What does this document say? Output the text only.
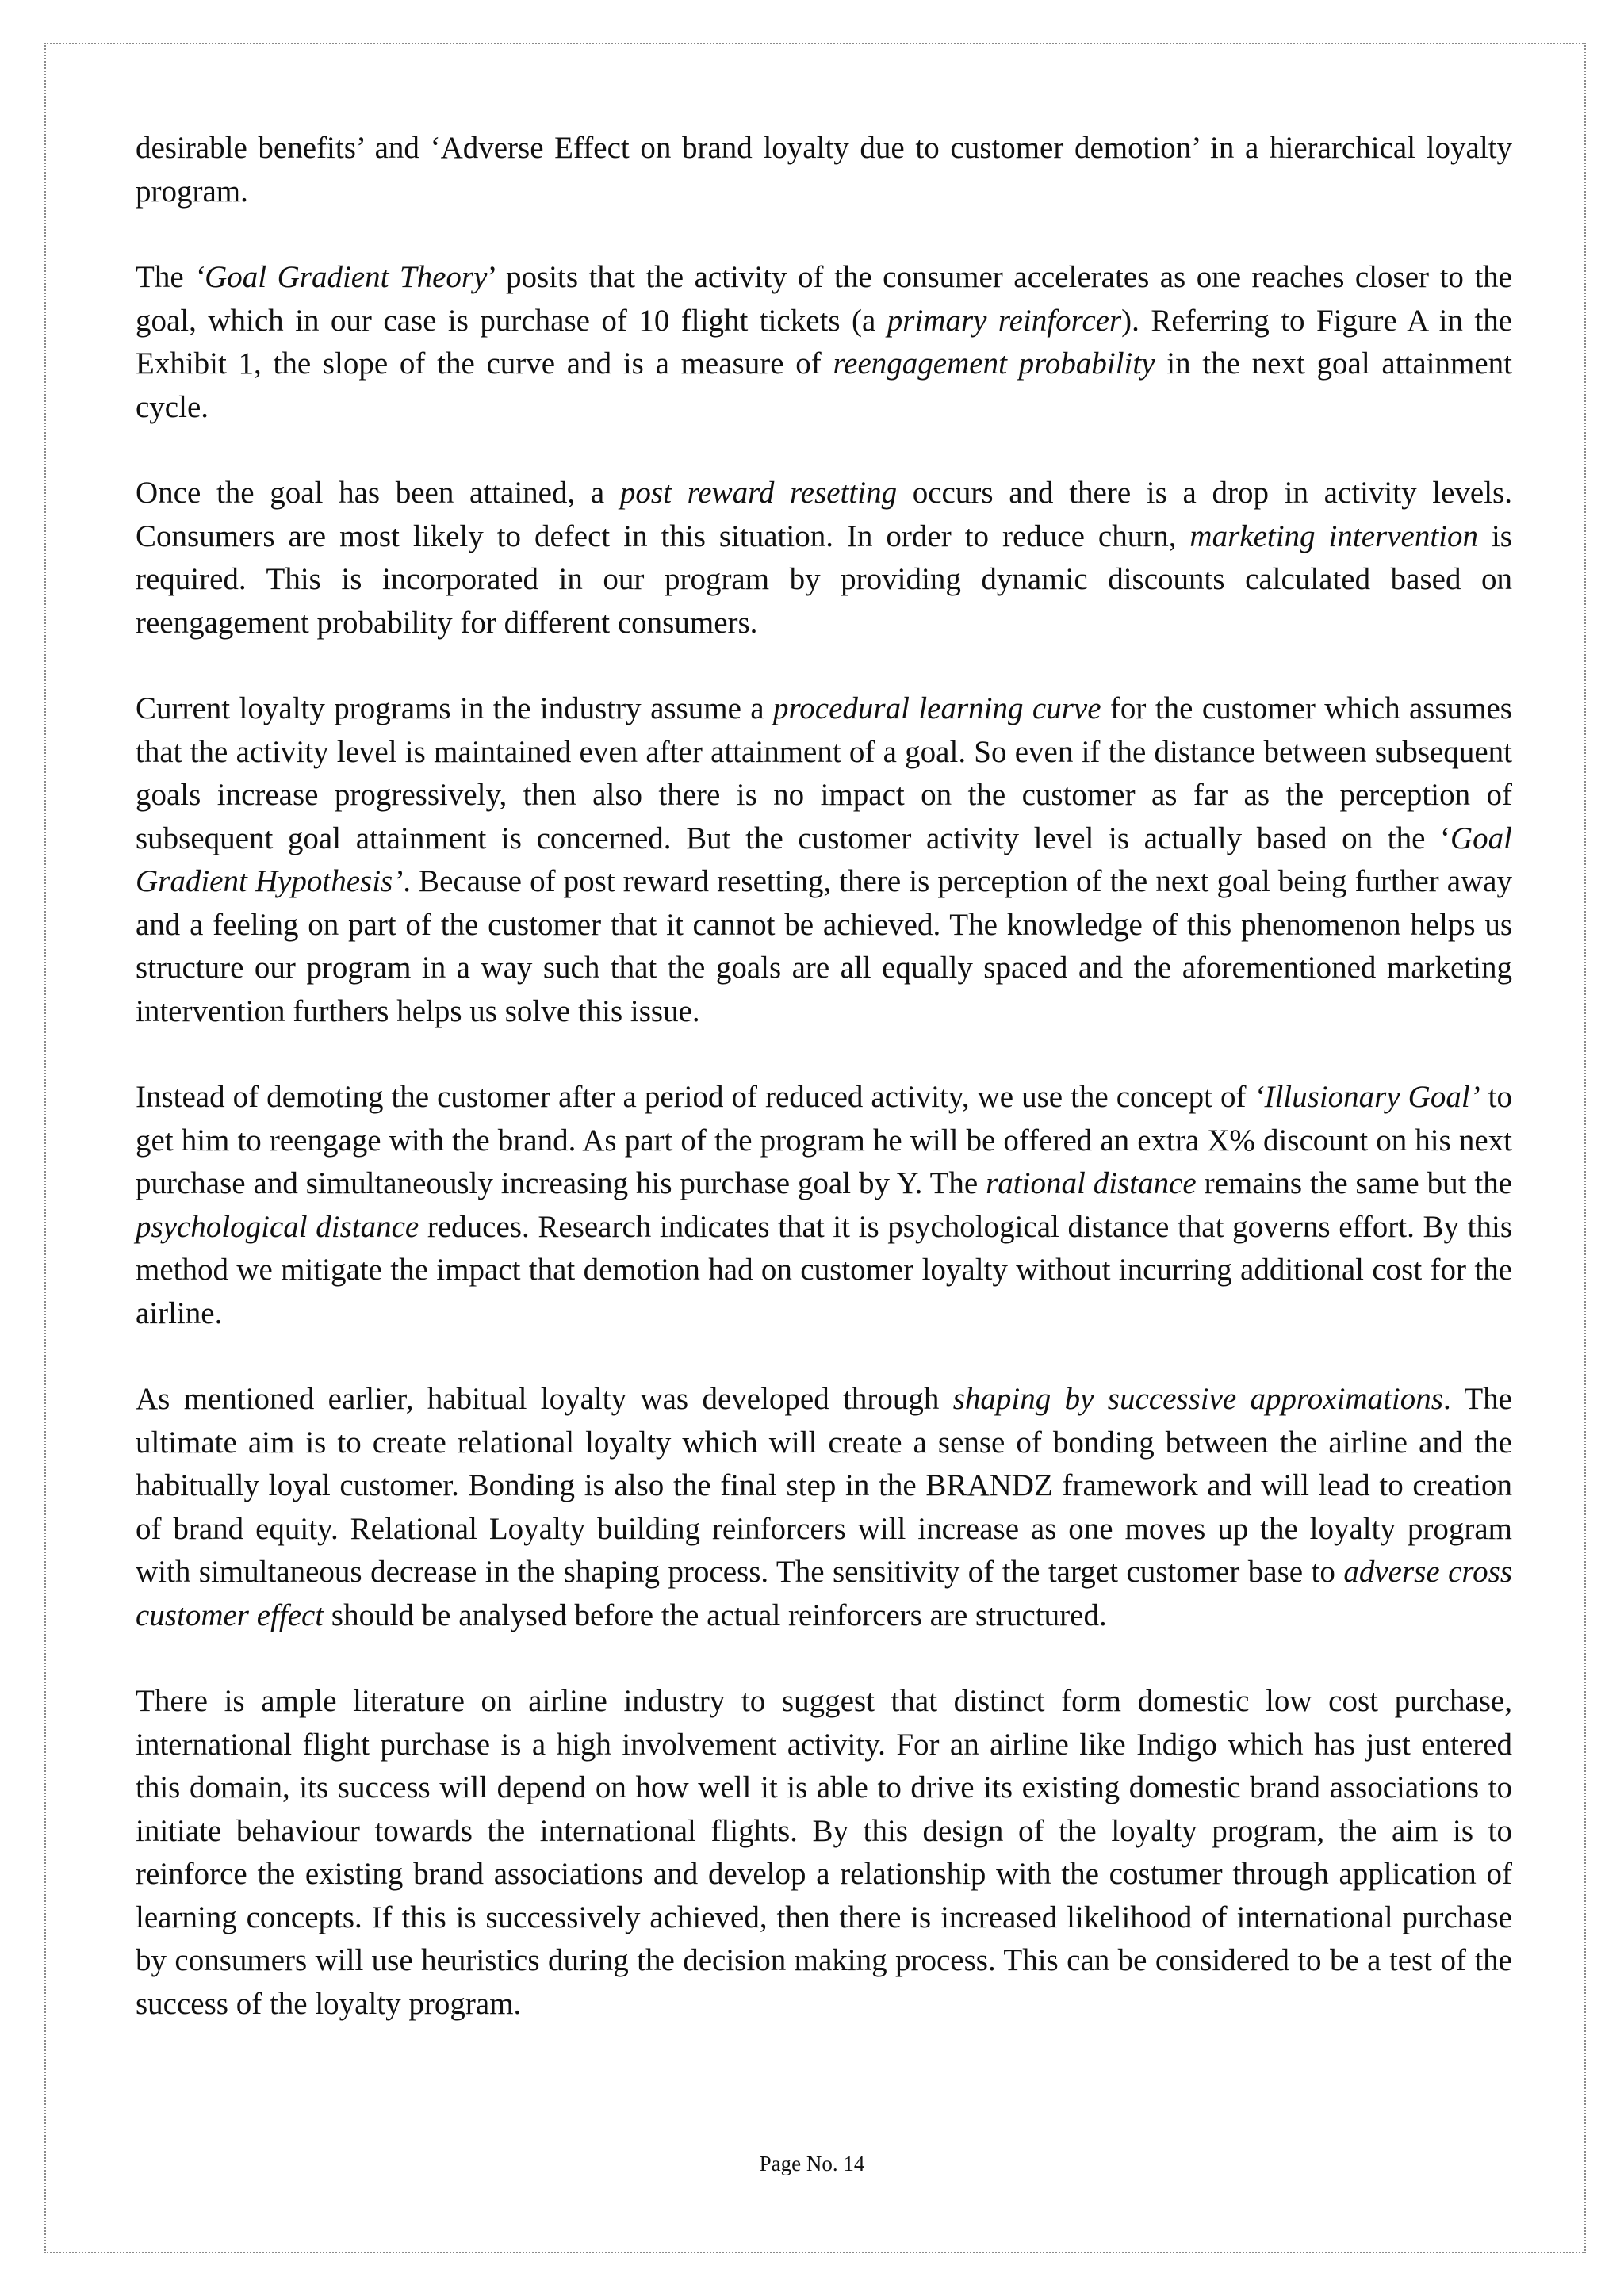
desirable benefits’ and ‘Adverse Effect on brand loyalty due to customer demotion’ in a hierarchical loyalty program.

The ‘Goal Gradient Theory’ posits that the activity of the consumer accelerates as one reaches closer to the goal, which in our case is purchase of 10 flight tickets (a primary reinforcer). Referring to Figure A in the Exhibit 1, the slope of the curve and is a measure of reengagement probability in the next goal attainment cycle.

Once the goal has been attained, a post reward resetting occurs and there is a drop in activity levels. Consumers are most likely to defect in this situation. In order to reduce churn, marketing intervention is required. This is incorporated in our program by providing dynamic discounts calculated based on reengagement probability for different consumers.

Current loyalty programs in the industry assume a procedural learning curve for the customer which assumes that the activity level is maintained even after attainment of a goal. So even if the distance between subsequent goals increase progressively, then also there is no impact on the customer as far as the perception of subsequent goal attainment is concerned. But the customer activity level is actually based on the ‘Goal Gradient Hypothesis’. Because of post reward resetting, there is perception of the next goal being further away and a feeling on part of the customer that it cannot be achieved. The knowledge of this phenomenon helps us structure our program in a way such that the goals are all equally spaced and the aforementioned marketing intervention furthers helps us solve this issue.

Instead of demoting the customer after a period of reduced activity, we use the concept of ‘Illusionary Goal’ to get him to reengage with the brand. As part of the program he will be offered an extra X% discount on his next purchase and simultaneously increasing his purchase goal by Y. The rational distance remains the same but the psychological distance reduces. Research indicates that it is psychological distance that governs effort. By this method we mitigate the impact that demotion had on customer loyalty without incurring additional cost for the airline.

As mentioned earlier, habitual loyalty was developed through shaping by successive approximations. The ultimate aim is to create relational loyalty which will create a sense of bonding between the airline and the habitually loyal customer. Bonding is also the final step in the BRANDZ framework and will lead to creation of brand equity. Relational Loyalty building reinforcers will increase as one moves up the loyalty program with simultaneous decrease in the shaping process. The sensitivity of the target customer base to adverse cross customer effect should be analysed before the actual reinforcers are structured.

There is ample literature on airline industry to suggest that distinct form domestic low cost purchase, international flight purchase is a high involvement activity. For an airline like Indigo which has just entered this domain, its success will depend on how well it is able to drive its existing domestic brand associations to initiate behaviour towards the international flights. By this design of the loyalty program, the aim is to reinforce the existing brand associations and develop a relationship with the costumer through application of learning concepts. If this is successively achieved, then there is increased likelihood of international purchase by consumers will use heuristics during the decision making process. This can be considered to be a test of the success of the loyalty program.

Page No. 14
